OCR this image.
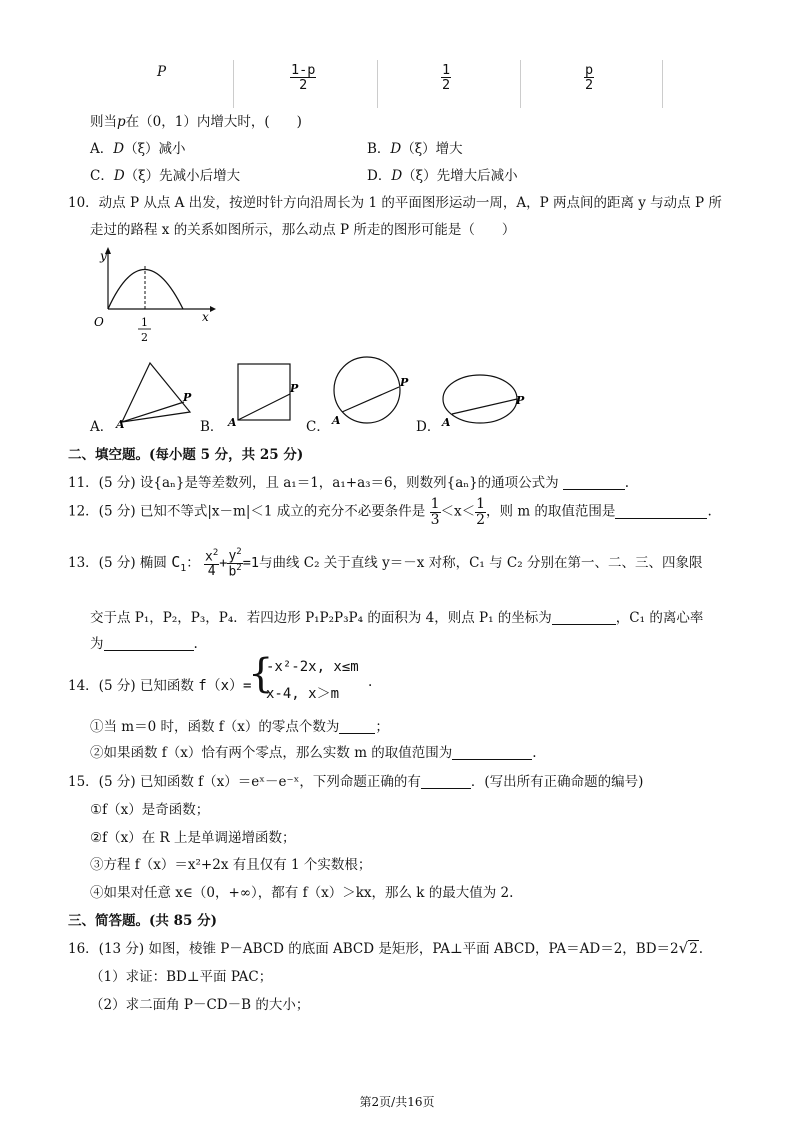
P	$\frac{1-p}{2}$	$\frac{1}{2}$	$\frac{p}{2}$
则当p在（0，1）内增大时，(　　)
A．D（ξ）减小	B．D（ξ）增大
C．D（ξ）先减小后增大	D．D（ξ）先增大后减小
10．动点 P 从点 A 出发，按逆时针方向沿周长为 1 的平面图形运动一周，A，P 两点间的距离 y 与动点 P 所
走过的路程 x 的关系如图所示，那么动点 P 所走的图形可能是（　　）
y
x
O	1
2
A． A
P
B． A
P
C． A
P
D． A
P
二、填空题。(每小题 5 分，共 25 分)
11．(5 分) 设{aₙ}是等差数列，且 a₁＝1，a₁+a₃＝6，则数列{aₙ}的通项公式为	.
12．(5 分) 已知不等式|x－m|＜1 成立的充分不必要条件是 $\frac{1}{3} <x< \frac{1}{2}$ ，则 m 的取值范围是	.
13．(5 分) 椭圆 $C_1$： $\frac{x^2}{4} + \frac{y^2}{b^2} =1$与曲线 C₂ 关于直线 y＝－x 对称，C₁ 与 C₂ 分别在第一、二、三、四象限
交于点 P₁，P₂，P₃，P₄．若四边形 P₁P₂P₃P₄ 的面积为 4，则点 P₁ 的坐标为	，C₁ 的离心率
为	.
14．(5 分) 已知函数 f（x）=
{
-x²-2x, x≤m
x-4, x＞m
.
①当 m＝0 时，函数 f（x）的零点个数为	；
②如果函数 f（x）恰有两个零点，那么实数 m 的取值范围为	.
15．(5 分) 已知函数 f（x）＝eˣ－e⁻ˣ，下列命题正确的有	．(写出所有正确命题的编号)
①f（x）是奇函数；
②f（x）在 R 上是单调递增函数；
③方程 f（x）＝x²+2x 有且仅有 1 个实数根；
④如果对任意 x∈（0，+∞），都有 f（x）＞kx，那么 k 的最大值为 2.
三、简答题。(共 85 分)
16．(13 分) 如图，棱锥 P－ABCD 的底面 ABCD 是矩形，PA⊥平面 ABCD，PA＝AD＝2，BD＝2√2.
（1）求证：BD⊥平面 PAC；
（2）求二面角 P－CD－B 的大小；
第2页/共16页
